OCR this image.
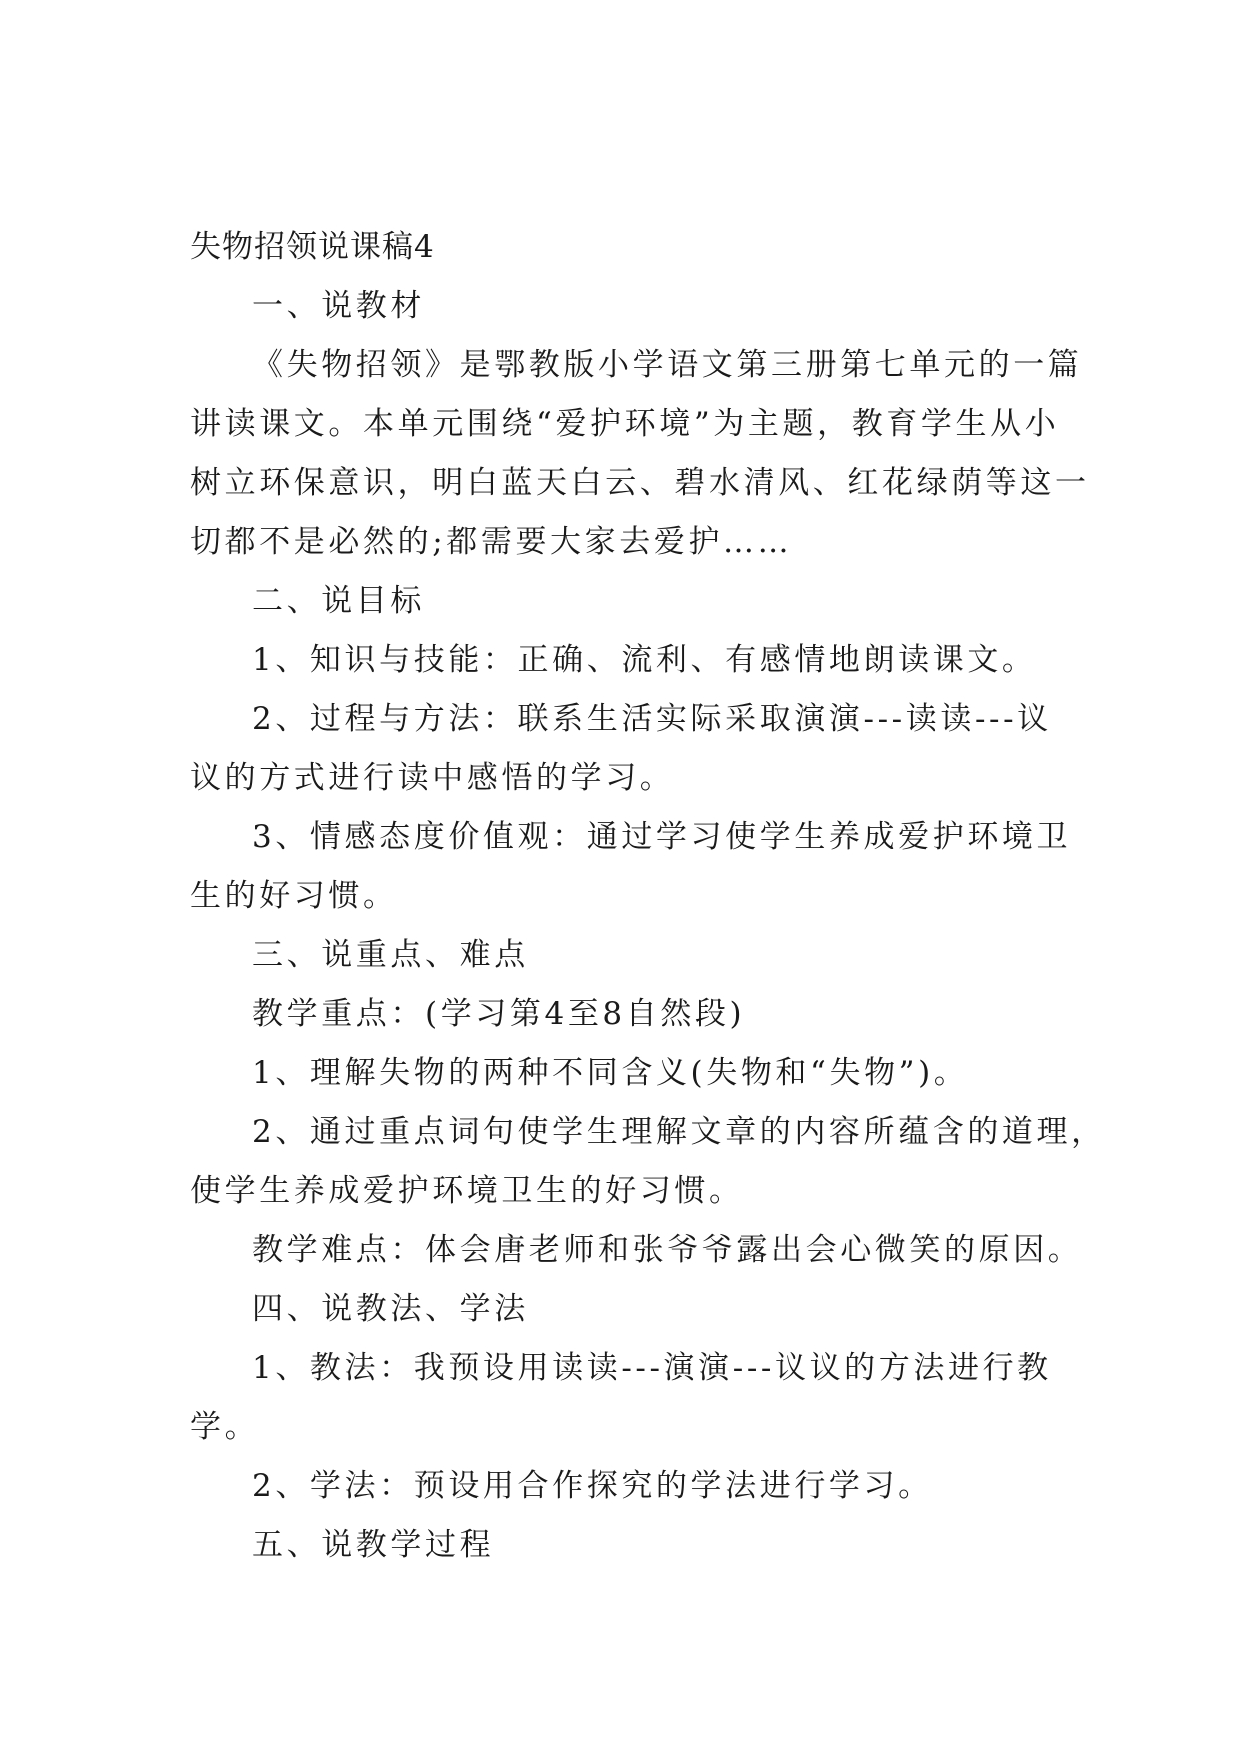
失物招领说课稿4
一、说教材
《失物招领》是鄂教版小学语文第三册第七单元的一篇
讲读课文。本单元围绕“爱护环境”为主题，教育学生从小
树立环保意识，明白蓝天白云、碧水清风、红花绿荫等这一
切都不是必然的;都需要大家去爱护……
二、说目标
1、知识与技能：正确、流利、有感情地朗读课文。
2、过程与方法：联系生活实际采取演演---读读---议
议的方式进行读中感悟的学习。
3、情感态度价值观：通过学习使学生养成爱护环境卫
生的好习惯。
三、说重点、难点
教学重点：(学习第4至8自然段)
1、理解失物的两种不同含义(失物和“失物”)。
2、通过重点词句使学生理解文章的内容所蕴含的道理，
使学生养成爱护环境卫生的好习惯。
教学难点：体会唐老师和张爷爷露出会心微笑的原因。
四、说教法、学法
1、教法：我预设用读读---演演---议议的方法进行教
学。
2、学法：预设用合作探究的学法进行学习。
五、说教学过程
